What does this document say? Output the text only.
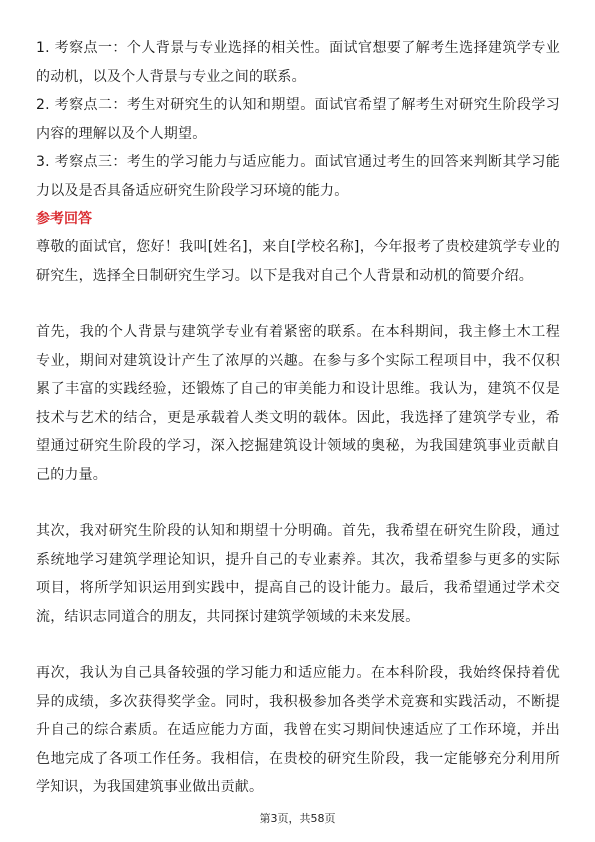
1. 考察点一：个人背景与专业选择的相关性。面试官想要了解考生选择建筑学专业的动机，以及个人背景与专业之间的联系。

2. 考察点二：考生对研究生的认知和期望。面试官希望了解考生对研究生阶段学习内容的理解以及个人期望。

3. 考察点三：考生的学习能力与适应能力。面试官通过考生的回答来判断其学习能力以及是否具备适应研究生阶段学习环境的能力。

参考回答

尊敬的面试官，您好！我叫[姓名]，来自[学校名称]，今年报考了贵校建筑学专业的研究生，选择全日制研究生学习。以下是我对自己个人背景和动机的简要介绍。

首先，我的个人背景与建筑学专业有着紧密的联系。在本科期间，我主修土木工程专业，期间对建筑设计产生了浓厚的兴趣。在参与多个实际工程项目中，我不仅积累了丰富的实践经验，还锻炼了自己的审美能力和设计思维。我认为，建筑不仅是技术与艺术的结合，更是承载着人类文明的载体。因此，我选择了建筑学专业，希望通过研究生阶段的学习，深入挖掘建筑设计领域的奥秘，为我国建筑事业贡献自己的力量。

其次，我对研究生阶段的认知和期望十分明确。首先，我希望在研究生阶段，通过系统地学习建筑学理论知识，提升自己的专业素养。其次，我希望参与更多的实际项目，将所学知识运用到实践中，提高自己的设计能力。最后，我希望通过学术交流，结识志同道合的朋友，共同探讨建筑学领域的未来发展。

再次，我认为自己具备较强的学习能力和适应能力。在本科阶段，我始终保持着优异的成绩，多次获得奖学金。同时，我积极参加各类学术竞赛和实践活动，不断提升自己的综合素质。在适应能力方面，我曾在实习期间快速适应了工作环境，并出色地完成了各项工作任务。我相信，在贵校的研究生阶段，我一定能够充分利用所学知识，为我国建筑事业做出贡献。

第3页，共58页
